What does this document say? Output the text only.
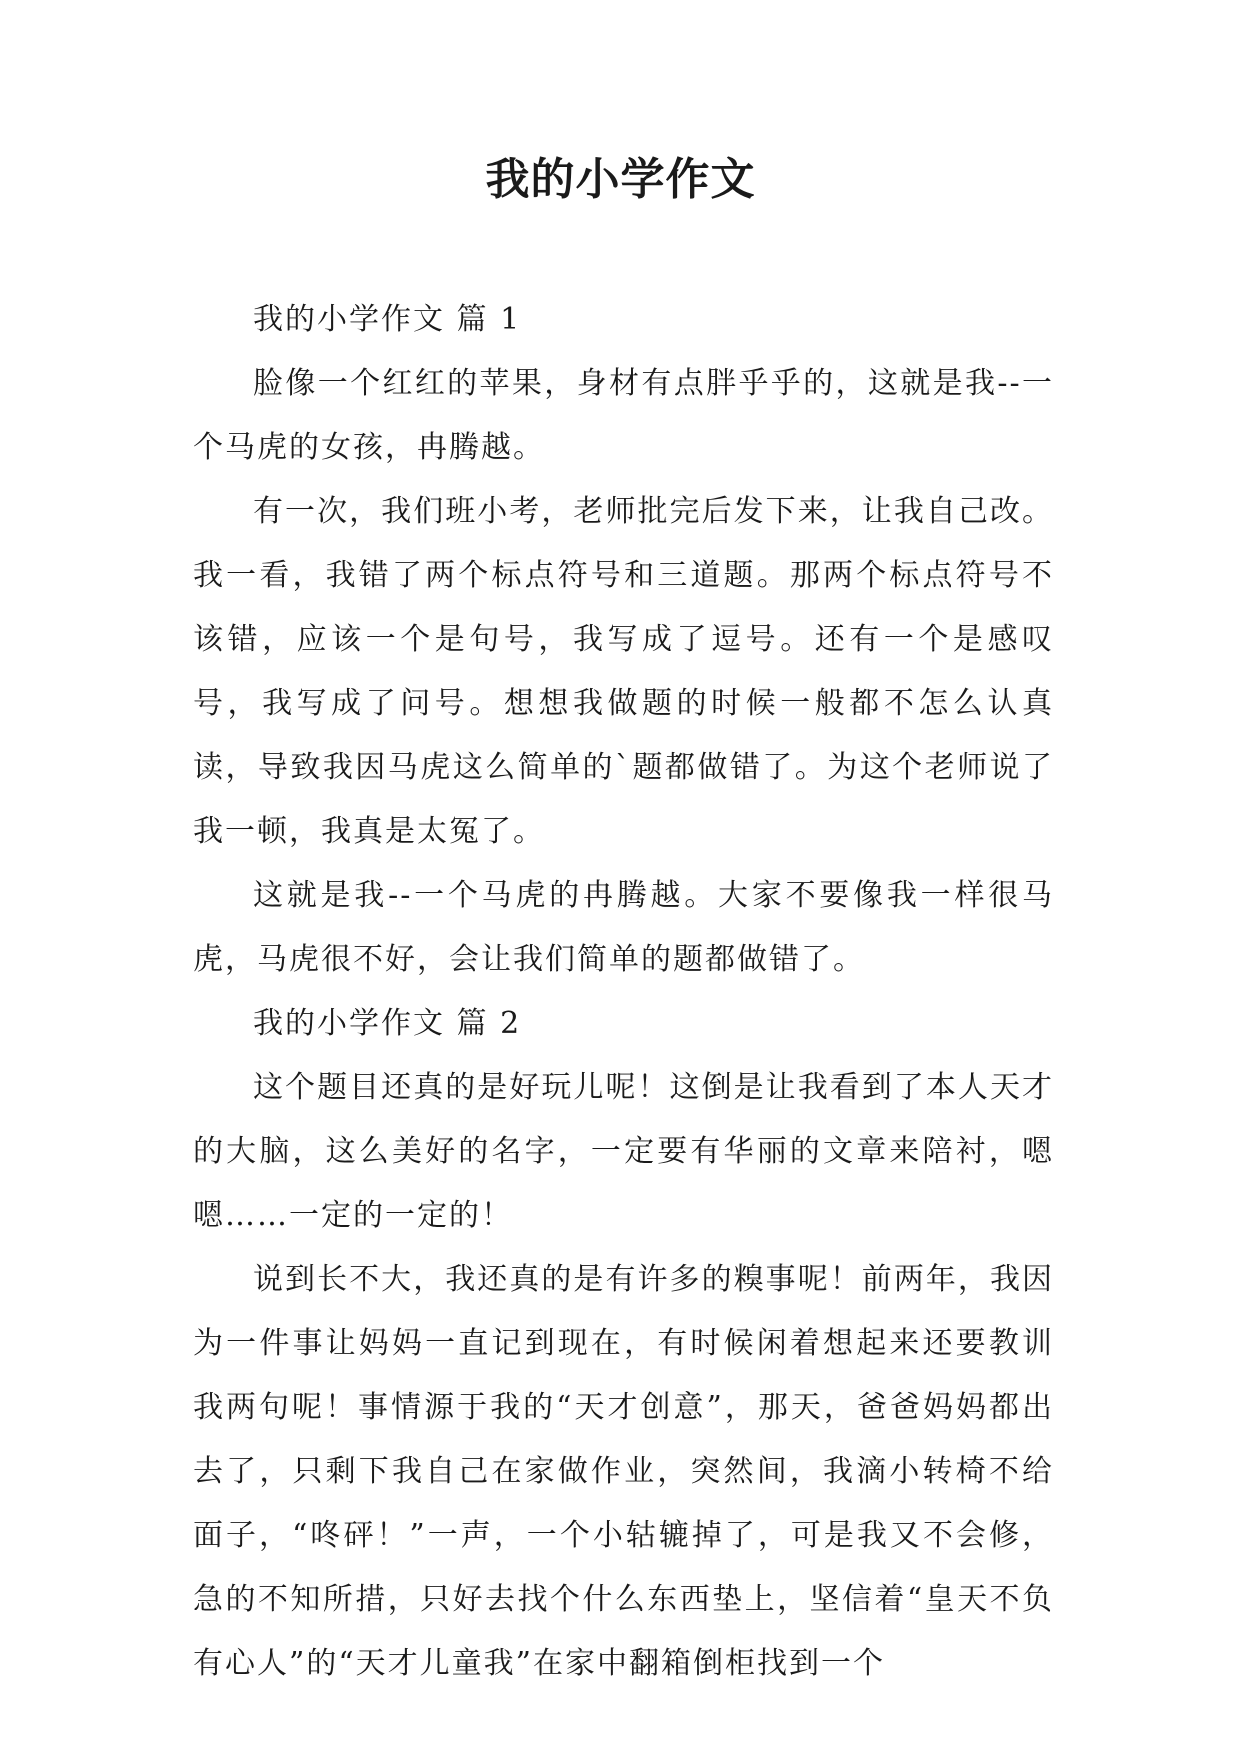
我的小学作文

我的小学作文 篇 1

脸像一个红红的苹果，身材有点胖乎乎的，这就是我--一个马虎的女孩，冉腾越。

有一次，我们班小考，老师批完后发下来，让我自己改。我一看，我错了两个标点符号和三道题。那两个标点符号不该错，应该一个是句号，我写成了逗号。还有一个是感叹号，我写成了问号。想想我做题的时候一般都不怎么认真读，导致我因马虎这么简单的`题都做错了。为这个老师说了我一顿，我真是太冤了。

这就是我--一个马虎的冉腾越。大家不要像我一样很马虎，马虎很不好，会让我们简单的题都做错了。

我的小学作文 篇 2

这个题目还真的是好玩儿呢！这倒是让我看到了本人天才的大脑，这么美好的名字，一定要有华丽的文章来陪衬，嗯嗯……一定的一定的！

说到长不大，我还真的是有许多的糗事呢！前两年，我因为一件事让妈妈一直记到现在，有时候闲着想起来还要教训我两句呢！事情源于我的“天才创意”，那天，爸爸妈妈都出去了，只剩下我自己在家做作业，突然间，我滴小转椅不给面子，“咚砰！”一声，一个小轱辘掉了，可是我又不会修，急的不知所措，只好去找个什么东西垫上，坚信着“皇天不负有心人”的“天才儿童我”在家中翻箱倒柜找到一个
